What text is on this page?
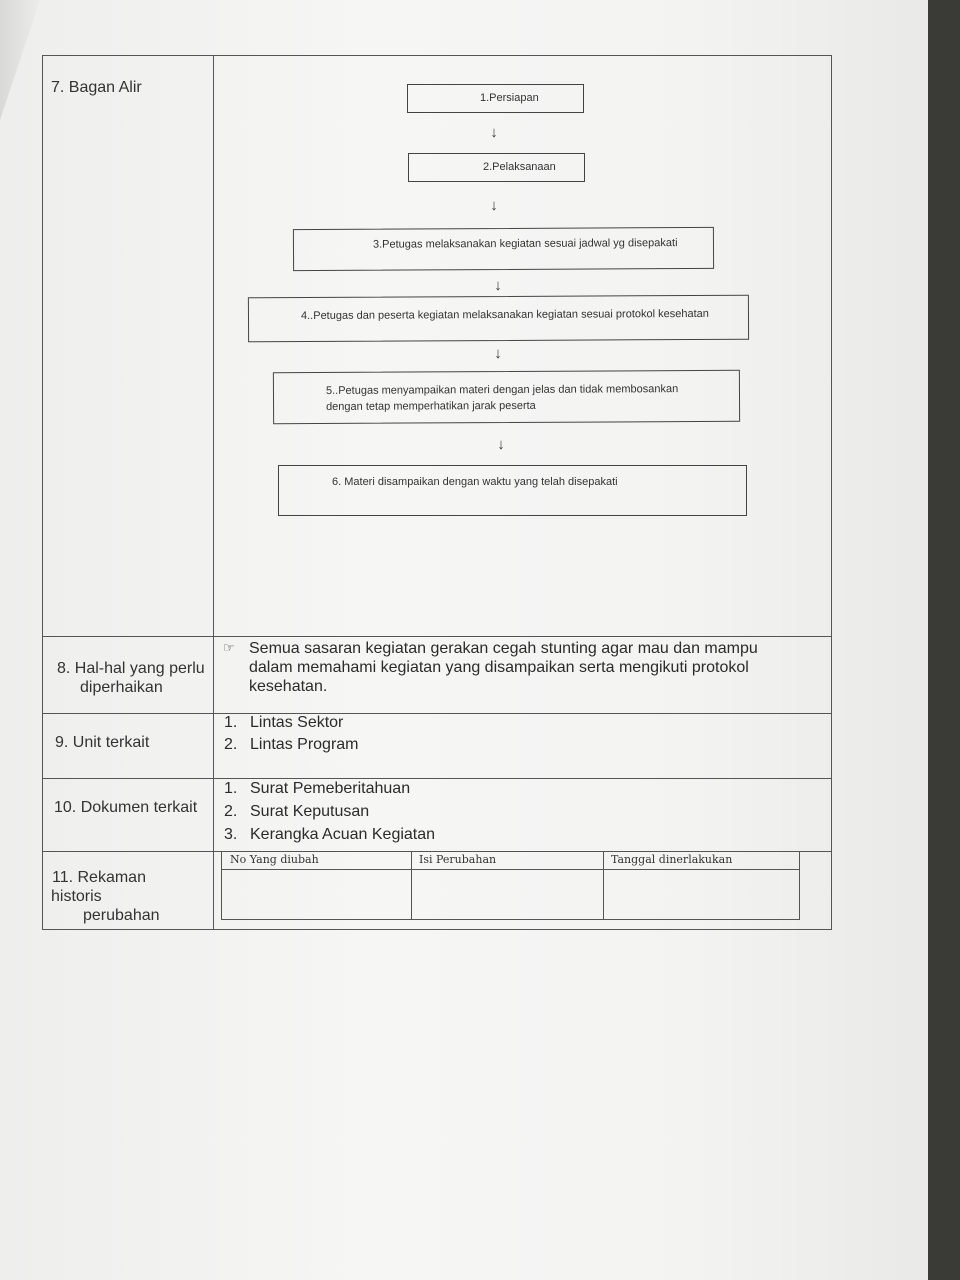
7. Bagan Alir
8. Hal-hal yang perlu
diperhaikan
9. Unit terkait
10. Dokumen terkait
11. Rekaman
historis
perubahan
1.Persiapan
↓
2.Pelaksanaan
↓
3.Petugas melaksanakan kegiatan sesuai jadwal yg disepakati
↓
4..Petugas dan peserta kegiatan melaksanakan kegiatan sesuai protokol kesehatan
↓
5..Petugas menyampaikan materi dengan jelas dan tidak membosankan
dengan tetap memperhatikan jarak peserta
↓
6. Materi disampaikan dengan waktu yang telah disepakati
☞ Semua sasaran kegiatan gerakan cegah stunting agar mau dan mampu
dalam memahami kegiatan yang disampaikan serta mengikuti protokol
kesehatan.
1. Lintas Sektor
2. Lintas Program
1. Surat Pemeberitahuan
2. Surat Keputusan
3. Kerangka Acuan Kegiatan
No Yang diubah	Isi Perubahan	Tanggal dinerlakukan
